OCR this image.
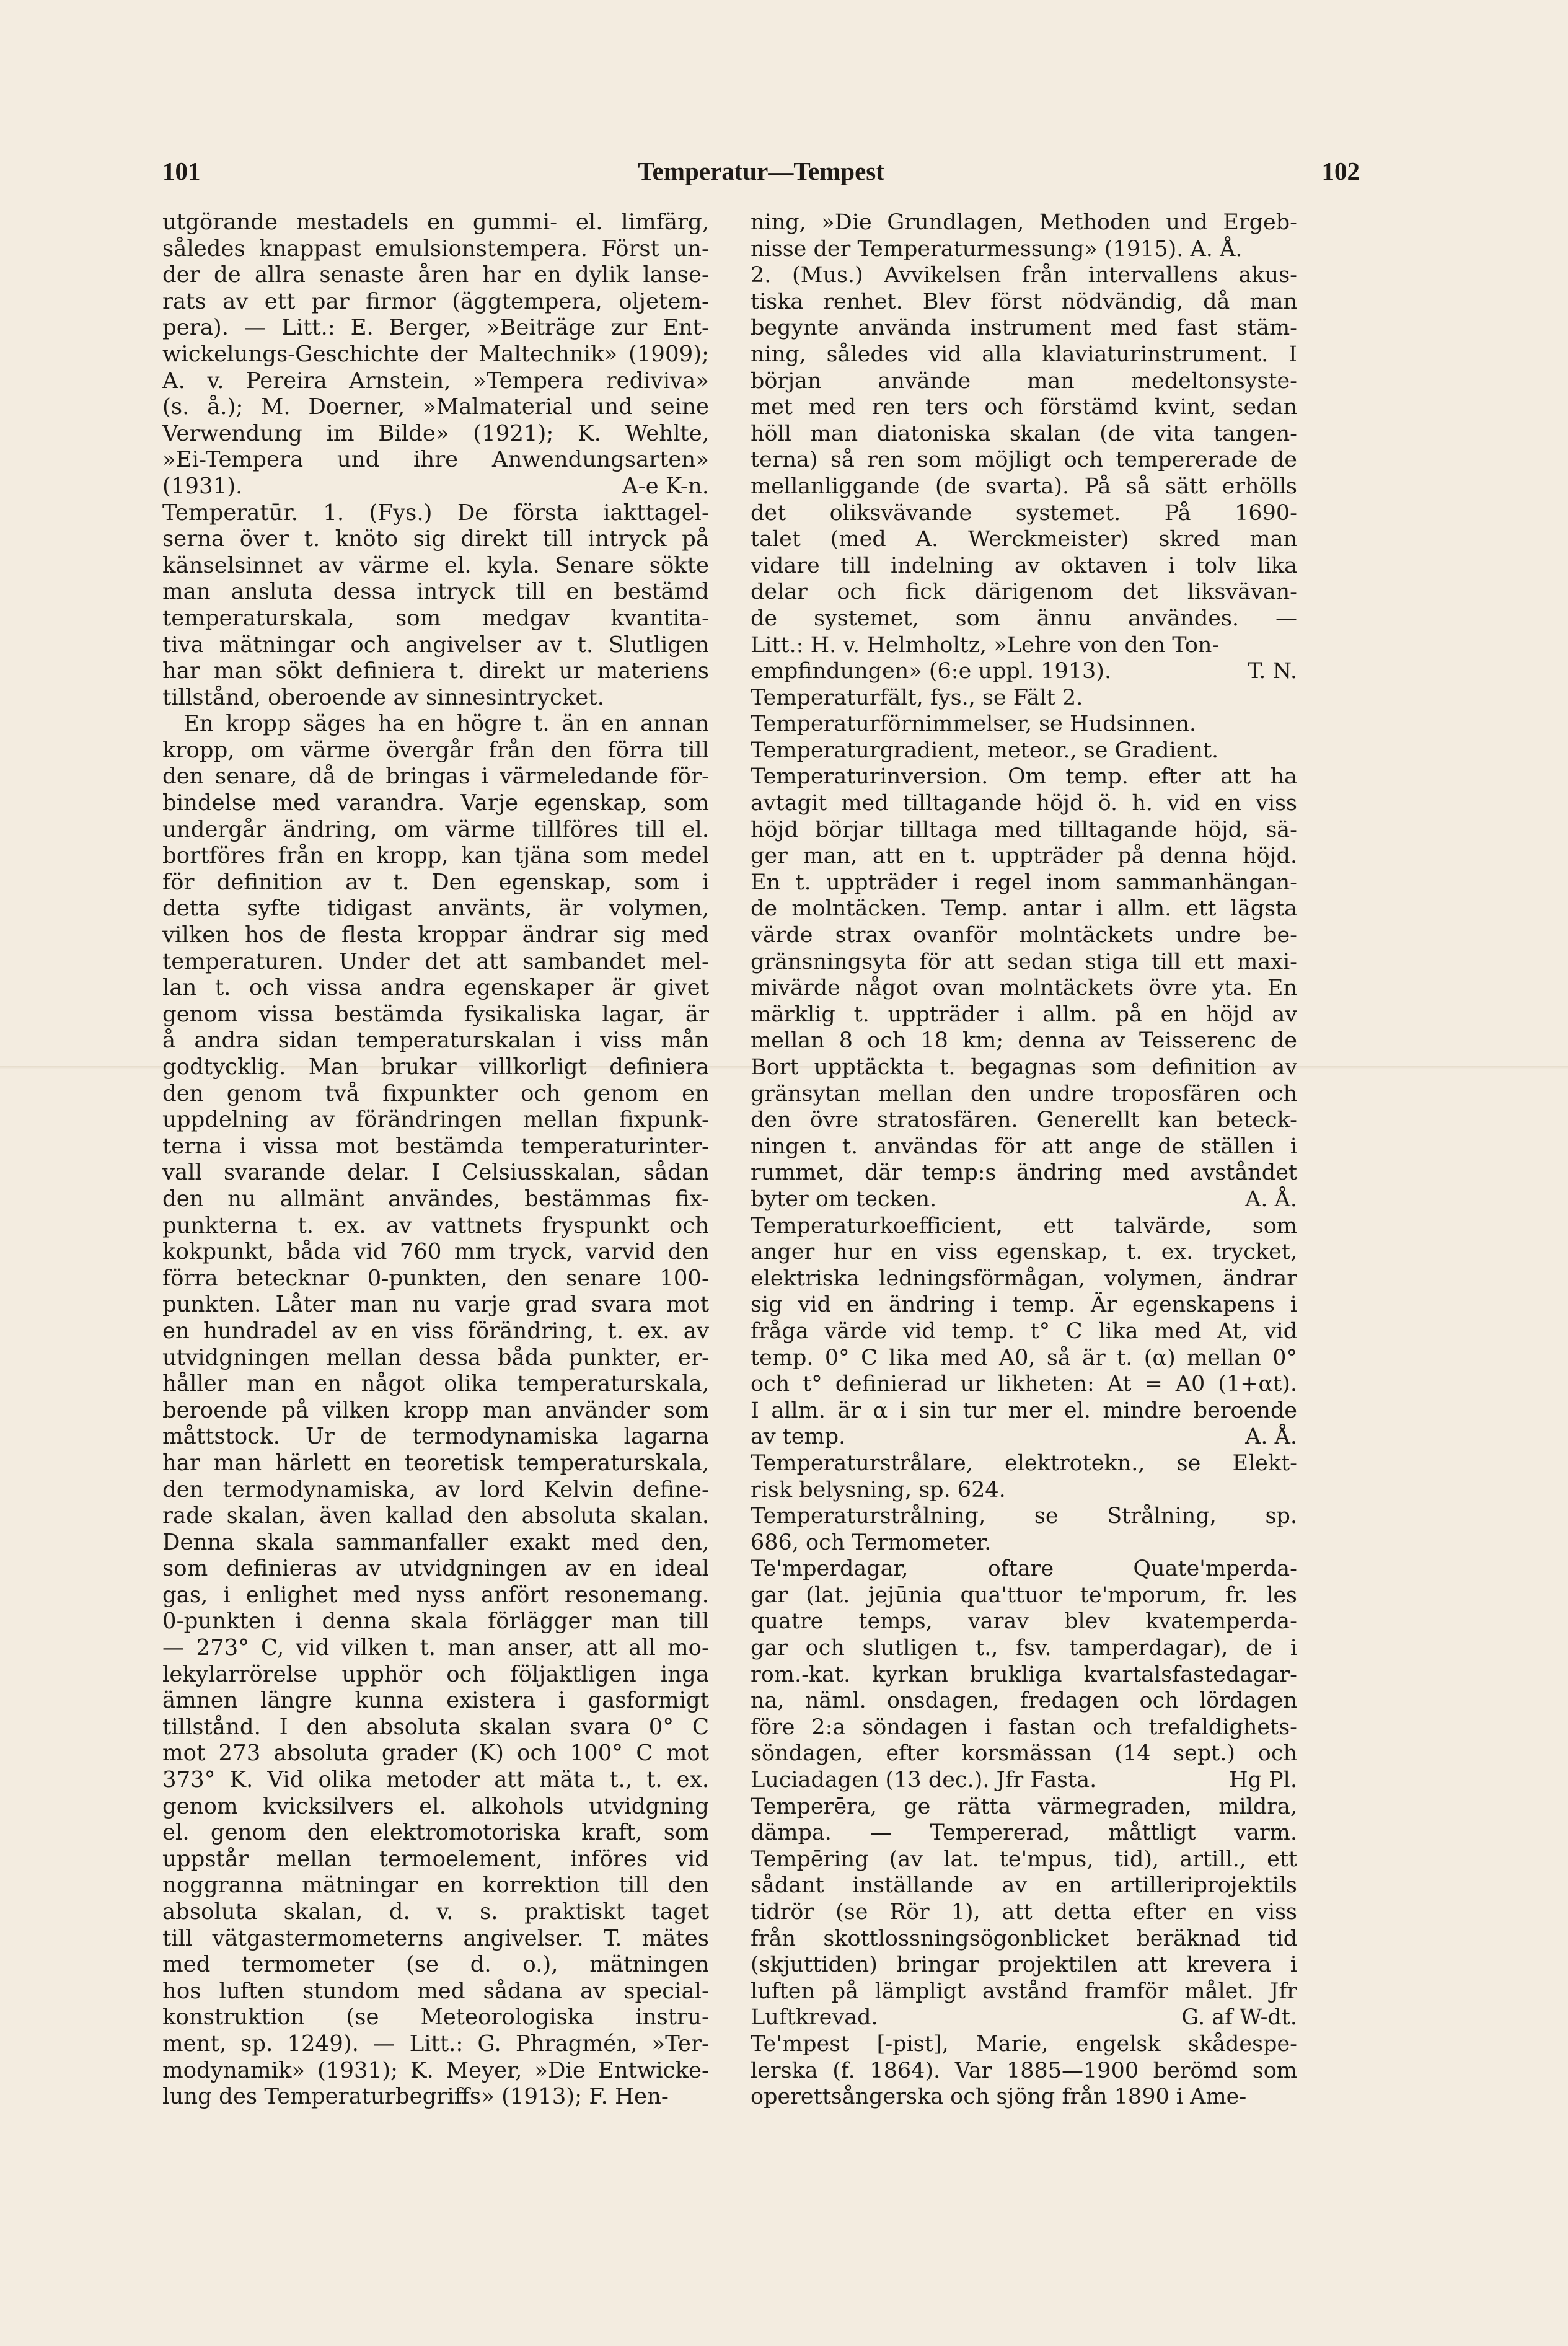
101	Temperatur—Tempest	102
utgörande mestadels en gummi- el. limfärg,
således knappast emulsionstempera. Först un-
der de allra senaste åren har en dylik lanse-
rats av ett par firmor (äggtempera, oljetem-
pera). — Litt.: E. Berger, »Beiträge zur Ent-
wickelungs-Geschichte der Maltechnik» (1909);
A. v. Pereira Arnstein, »Tempera rediviva»
(s. å.); M. Doerner, »Malmaterial und seine
Verwendung im Bilde» (1921); K. Wehlte,
»Ei-Tempera und ihre Anwendungsarten»
(1931).	A-e K-n.
Temperatūr. 1. (Fys.) De första iakttagel-
serna över t. knöto sig direkt till intryck på
känselsinnet av värme el. kyla. Senare sökte
man ansluta dessa intryck till en bestämd
temperaturskala, som medgav kvantita-
tiva mätningar och angivelser av t. Slutligen
har man sökt definiera t. direkt ur materiens
tillstånd, oberoende av sinnesintrycket.
En kropp säges ha en högre t. än en annan
kropp, om värme övergår från den förra till
den senare, då de bringas i värmeledande för-
bindelse med varandra. Varje egenskap, som
undergår ändring, om värme tillföres till el.
bortföres från en kropp, kan tjäna som medel
för definition av t. Den egenskap, som i
detta syfte tidigast använts, är volymen,
vilken hos de flesta kroppar ändrar sig med
temperaturen. Under det att sambandet mel-
lan t. och vissa andra egenskaper är givet
genom vissa bestämda fysikaliska lagar, är
å andra sidan temperaturskalan i viss mån
godtycklig. Man brukar villkorligt definiera
den genom två fixpunkter och genom en
uppdelning av förändringen mellan fixpunk-
terna i vissa mot bestämda temperaturinter-
vall svarande delar. I Celsiusskalan, sådan
den nu allmänt användes, bestämmas fix-
punkterna t. ex. av vattnets fryspunkt och
kokpunkt, båda vid 760 mm tryck, varvid den
förra betecknar 0-punkten, den senare 100-
punkten. Låter man nu varje grad svara mot
en hundradel av en viss förändring, t. ex. av
utvidgningen mellan dessa båda punkter, er-
håller man en något olika temperaturskala,
beroende på vilken kropp man använder som
måttstock. Ur de termodynamiska lagarna
har man härlett en teoretisk temperaturskala,
den termodynamiska, av lord Kelvin define-
rade skalan, även kallad den absoluta skalan.
Denna skala sammanfaller exakt med den,
som definieras av utvidgningen av en ideal
gas, i enlighet med nyss anfört resonemang.
0-punkten i denna skala förlägger man till
— 273° C, vid vilken t. man anser, att all mo-
lekylarrörelse upphör och följaktligen inga
ämnen längre kunna existera i gasformigt
tillstånd. I den absoluta skalan svara 0° C
mot 273 absoluta grader (K) och 100° C mot
373° K. Vid olika metoder att mäta t., t. ex.
genom kvicksilvers el. alkohols utvidgning
el. genom den elektromotoriska kraft, som
uppstår mellan termoelement, införes vid
noggranna mätningar en korrektion till den
absoluta skalan, d. v. s. praktiskt taget
till vätgastermometerns angivelser. T. mätes
med termometer (se d. o.), mätningen
hos luften stundom med sådana av special-
konstruktion (se Meteorologiska instru-
ment, sp. 1249). — Litt.: G. Phragmén, »Ter-
modynamik» (1931); K. Meyer, »Die Entwicke-
lung des Temperaturbegriffs» (1913); F. Hen-
ning, »Die Grundlagen, Methoden und Ergeb-
nisse der Temperaturmessung» (1915). A. Å.
2. (Mus.) Avvikelsen från intervallens akus-
tiska renhet. Blev först nödvändig, då man
begynte använda instrument med fast stäm-
ning, således vid alla klaviaturinstrument. I
början använde man medeltonsyste-
met med ren ters och förstämd kvint, sedan
höll man diatoniska skalan (de vita tangen-
terna) så ren som möjligt och tempererade de
mellanliggande (de svarta). På så sätt erhölls
det oliksvävande systemet. På 1690-
talet (med A. Werckmeister) skred man
vidare till indelning av oktaven i tolv lika
delar och fick därigenom det liksvävan-
de systemet, som ännu användes. —
Litt.: H. v. Helmholtz, »Lehre von den Ton-
empfindungen» (6:e uppl. 1913).	T. N.
Temperaturfält, fys., se Fält 2.
Temperaturförnimmelser, se Hudsinnen.
Temperaturgradient, meteor., se Gradient.
Temperaturinversion. Om temp. efter att ha
avtagit med tilltagande höjd ö. h. vid en viss
höjd börjar tilltaga med tilltagande höjd, sä-
ger man, att en t. uppträder på denna höjd.
En t. uppträder i regel inom sammanhängan-
de molntäcken. Temp. antar i allm. ett lägsta
värde strax ovanför molntäckets undre be-
gränsningsyta för att sedan stiga till ett maxi-
mivärde något ovan molntäckets övre yta. En
märklig t. uppträder i allm. på en höjd av
mellan 8 och 18 km; denna av Teisserenc de
Bort upptäckta t. begagnas som definition av
gränsytan mellan den undre troposfären och
den övre stratosfären. Generellt kan beteck-
ningen t. användas för att ange de ställen i
rummet, där temp:s ändring med avståndet
byter om tecken.	A. Å.
Temperaturkoefficient, ett talvärde, som
anger hur en viss egenskap, t. ex. trycket,
elektriska ledningsförmågan, volymen, ändrar
sig vid en ändring i temp. Är egenskapens i
fråga värde vid temp. t° C lika med At, vid
temp. 0° C lika med A0, så är t. (α) mellan 0°
och t° definierad ur likheten: At = A0 (1+αt).
I allm. är α i sin tur mer el. mindre beroende
av temp.	A. Å.
Temperaturstrålare, elektrotekn., se Elekt-
risk belysning, sp. 624.
Temperaturstrålning, se Strålning, sp.
686, och Termometer.
Te'mperdagar, oftare Quate'mperda-
gar (lat. jejūnia qua'ttuor te'mporum, fr. les
quatre temps, varav blev kvatemperda-
gar och slutligen t., fsv. tamperdagar), de i
rom.-kat. kyrkan brukliga kvartalsfastedagar-
na, näml. onsdagen, fredagen och lördagen
före 2:a söndagen i fastan och trefaldighets-
söndagen, efter korsmässan (14 sept.) och
Luciadagen (13 dec.). Jfr Fasta.	Hg Pl.
Temperēra, ge rätta värmegraden, mildra,
dämpa. — Tempererad, måttligt varm.
Tempēring (av lat. te'mpus, tid), artill., ett
sådant inställande av en artilleriprojektils
tidrör (se Rör 1), att detta efter en viss
från skottlossningsögonblicket beräknad tid
(skjuttiden) bringar projektilen att krevera i
luften på lämpligt avstånd framför målet. Jfr
Luftkrevad.	G. af W-dt.
Te'mpest [-pist], Marie, engelsk skådespe-
lerska (f. 1864). Var 1885—1900 berömd som
operettsångerska och sjöng från 1890 i Ame-
